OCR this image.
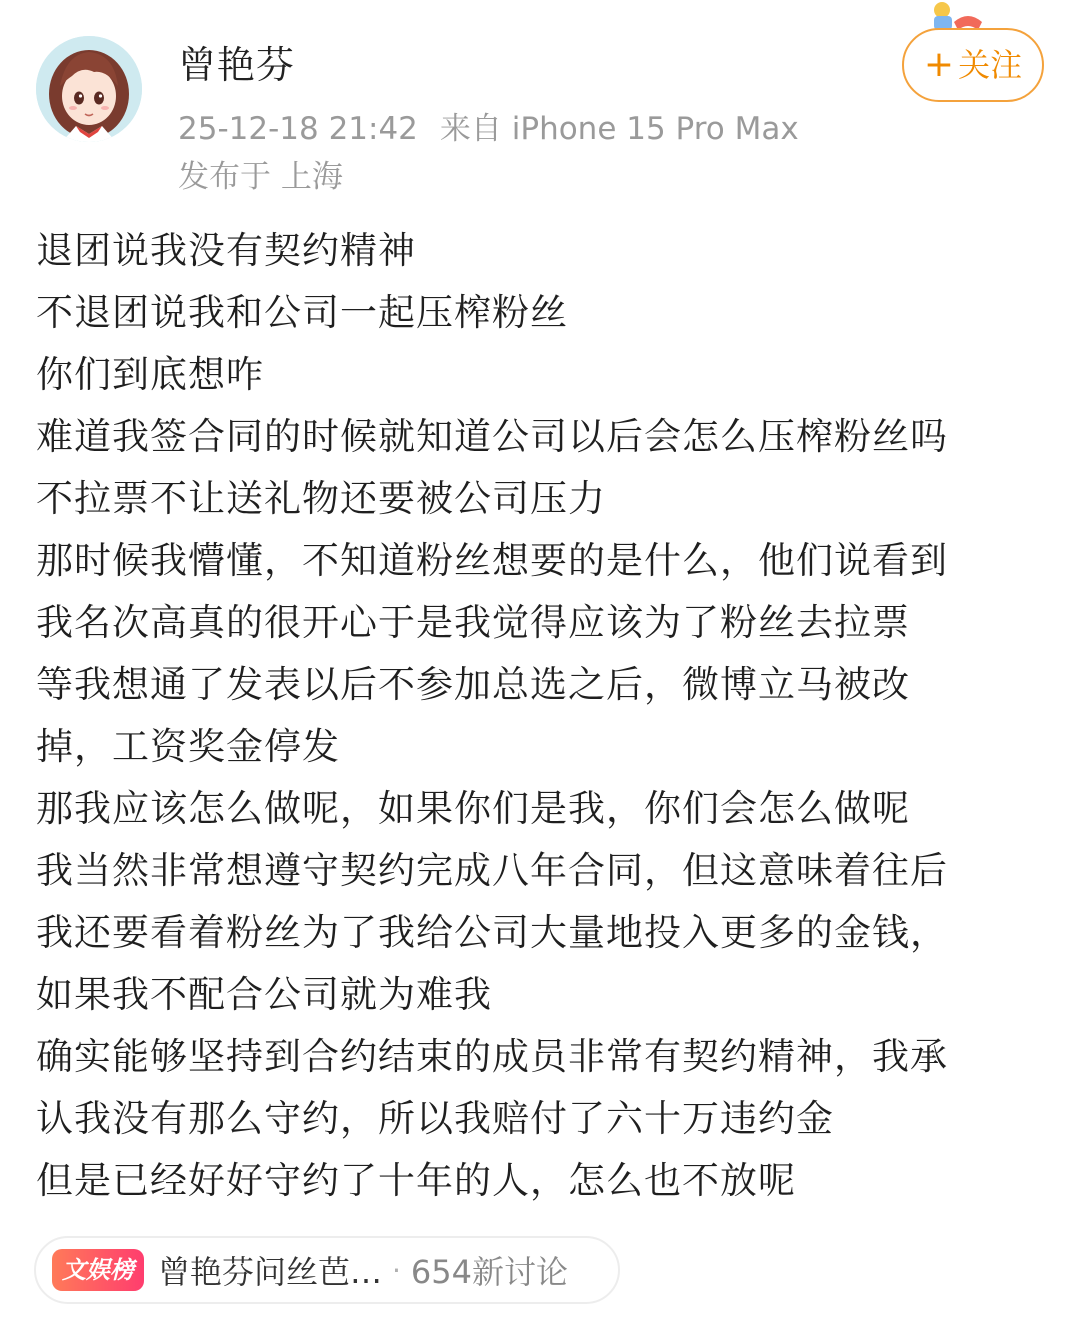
曾艳芬
25-12-18 21:42 来自 iPhone 15 Pro Max
发布于 上海
+ 关注
退团说我没有契约精神
不退团说我和公司一起压榨粉丝
你们到底想咋
难道我签合同的时候就知道公司以后会怎么压榨粉丝吗
不拉票不让送礼物还要被公司压力
那时候我懵懂，不知道粉丝想要的是什么，他们说看到
我名次高真的很开心于是我觉得应该为了粉丝去拉票
等我想通了发表以后不参加总选之后，微博立马被改
掉，工资奖金停发
那我应该怎么做呢，如果你们是我，你们会怎么做呢
我当然非常想遵守契约完成八年合同，但这意味着往后
我还要看着粉丝为了我给公司大量地投入更多的金钱，
如果我不配合公司就为难我
确实能够坚持到合约结束的成员非常有契约精神，我承
认我没有那么守约，所以我赔付了六十万违约金
但是已经好好守约了十年的人，怎么也不放呢
文娱榜 曾艳芬问丝芭… · 654新讨论
